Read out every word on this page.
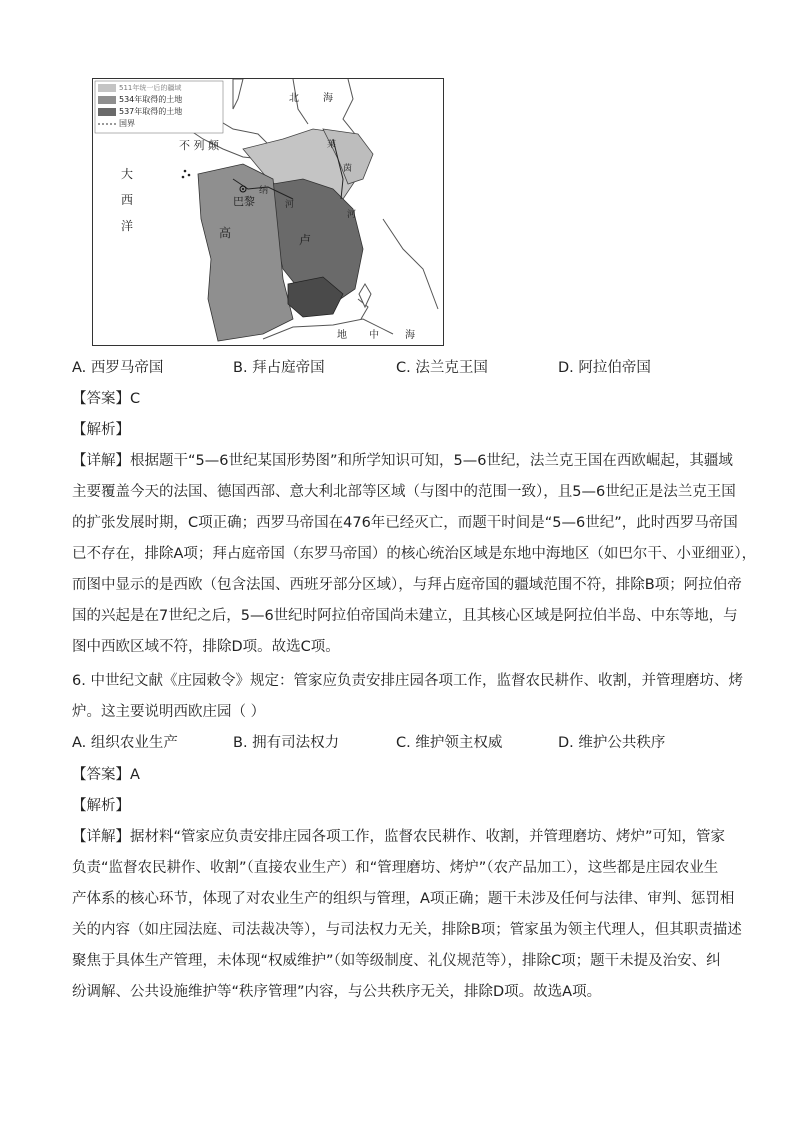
511年统一后的疆域
534年取得的土地
537年取得的土地
国界
北 海
不 列 颠
大
西
洋
巴黎
高	卢
莱
茵
河
纳
河
地 中	海
A. 西罗马帝国	B. 拜占庭帝国	C. 法兰克王国	D. 阿拉伯帝国
【答案】C
【解析】
【详解】根据题干“5—6世纪某国形势图”和所学知识可知，5—6世纪，法兰克王国在西欧崛起，其疆域
主要覆盖今天的法国、德国西部、意大利北部等区域（与图中的范围一致），且5—6世纪正是法兰克王国
的扩张发展时期，C项正确；西罗马帝国在476年已经灭亡，而题干时间是“5—6世纪”，此时西罗马帝国
已不存在，排除A项；拜占庭帝国（东罗马帝国）的核心统治区域是东地中海地区（如巴尔干、小亚细亚），
而图中显示的是西欧（包含法国、西班牙部分区域），与拜占庭帝国的疆域范围不符，排除B项；阿拉伯帝
国的兴起是在7世纪之后，5—6世纪时阿拉伯帝国尚未建立，且其核心区域是阿拉伯半岛、中东等地，与
图中西欧区域不符，排除D项。故选C项。
6. 中世纪文献《庄园敕令》规定：管家应负责安排庄园各项工作，监督农民耕作、收割，并管理磨坊、烤
炉。这主要说明西欧庄园（ ）
A. 组织农业生产	B. 拥有司法权力	C. 维护领主权威	D. 维护公共秩序
【答案】A
【解析】
【详解】据材料“管家应负责安排庄园各项工作，监督农民耕作、收割，并管理磨坊、烤炉”可知，管家
负责“监督农民耕作、收割”（直接农业生产）和“管理磨坊、烤炉”（农产品加工），这些都是庄园农业生
产体系的核心环节，体现了对农业生产的组织与管理，A项正确；题干未涉及任何与法律、审判、惩罚相
关的内容（如庄园法庭、司法裁决等），与司法权力无关，排除B项；管家虽为领主代理人，但其职责描述
聚焦于具体生产管理，未体现“权威维护”（如等级制度、礼仪规范等），排除C项；题干未提及治安、纠
纷调解、公共设施维护等“秩序管理”内容，与公共秩序无关，排除D项。故选A项。
